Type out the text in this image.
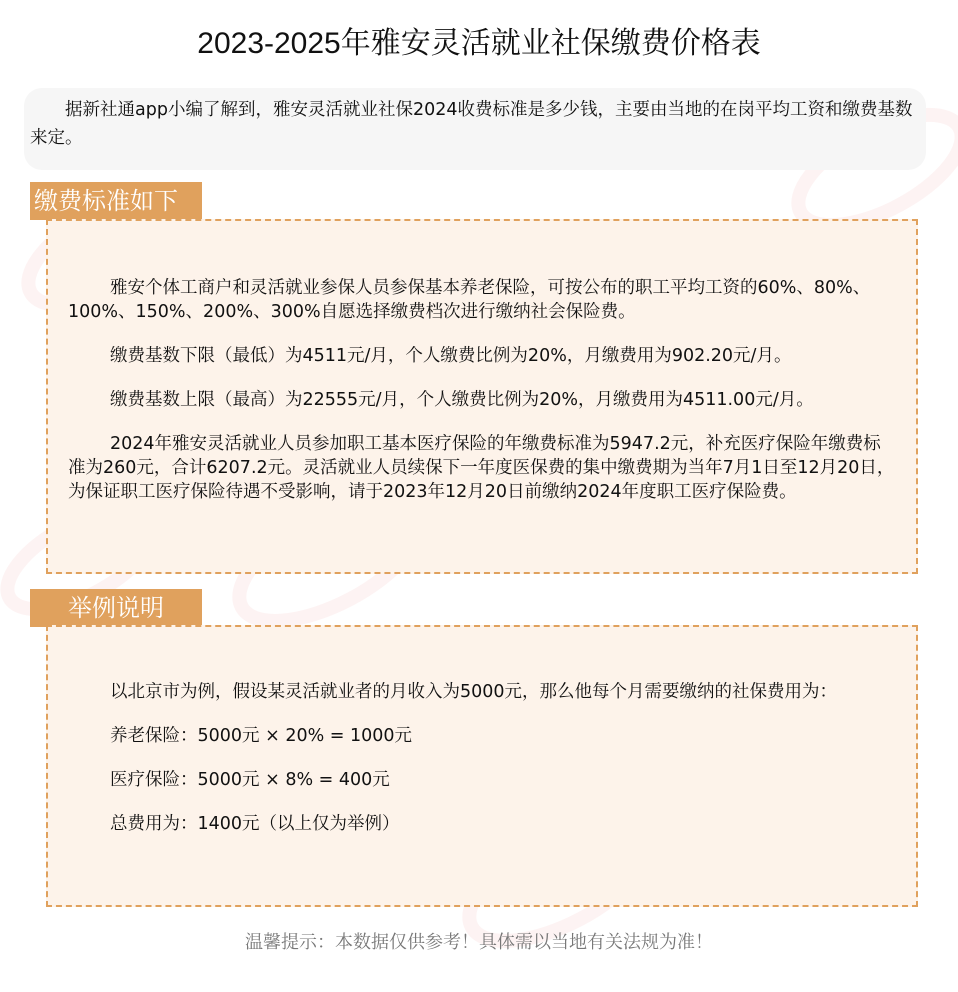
2023-2025年雅安灵活就业社保缴费价格表

据新社通app小编了解到，雅安灵活就业社保2024收费标准是多少钱，主要由当地的在岗平均工资和缴费基数来定。

缴费标准如下

雅安个体工商户和灵活就业参保人员参保基本养老保险，可按公布的职工平均工资的60%、80%、100%、150%、200%、300%自愿选择缴费档次进行缴纳社会保险费。

缴费基数下限（最低）为4511元/月，个人缴费比例为20%，月缴费用为902.20元/月。

缴费基数上限（最高）为22555元/月，个人缴费比例为20%，月缴费用为4511.00元/月。

2024年雅安灵活就业人员参加职工基本医疗保险的年缴费标准为5947.2元，补充医疗保险年缴费标准为260元，合计6207.2元。灵活就业人员续保下一年度医保费的集中缴费期为当年7月1日至12月20日，为保证职工医疗保险待遇不受影响，请于2023年12月20日前缴纳2024年度职工医疗保险费。

举例说明

以北京市为例，假设某灵活就业者的月收入为5000元，那么他每个月需要缴纳的社保费用为：

养老保险：5000元 × 20% = 1000元

医疗保险：5000元 × 8% = 400元

总费用为：1400元（以上仅为举例）

温馨提示：本数据仅供参考！具体需以当地有关法规为准！
